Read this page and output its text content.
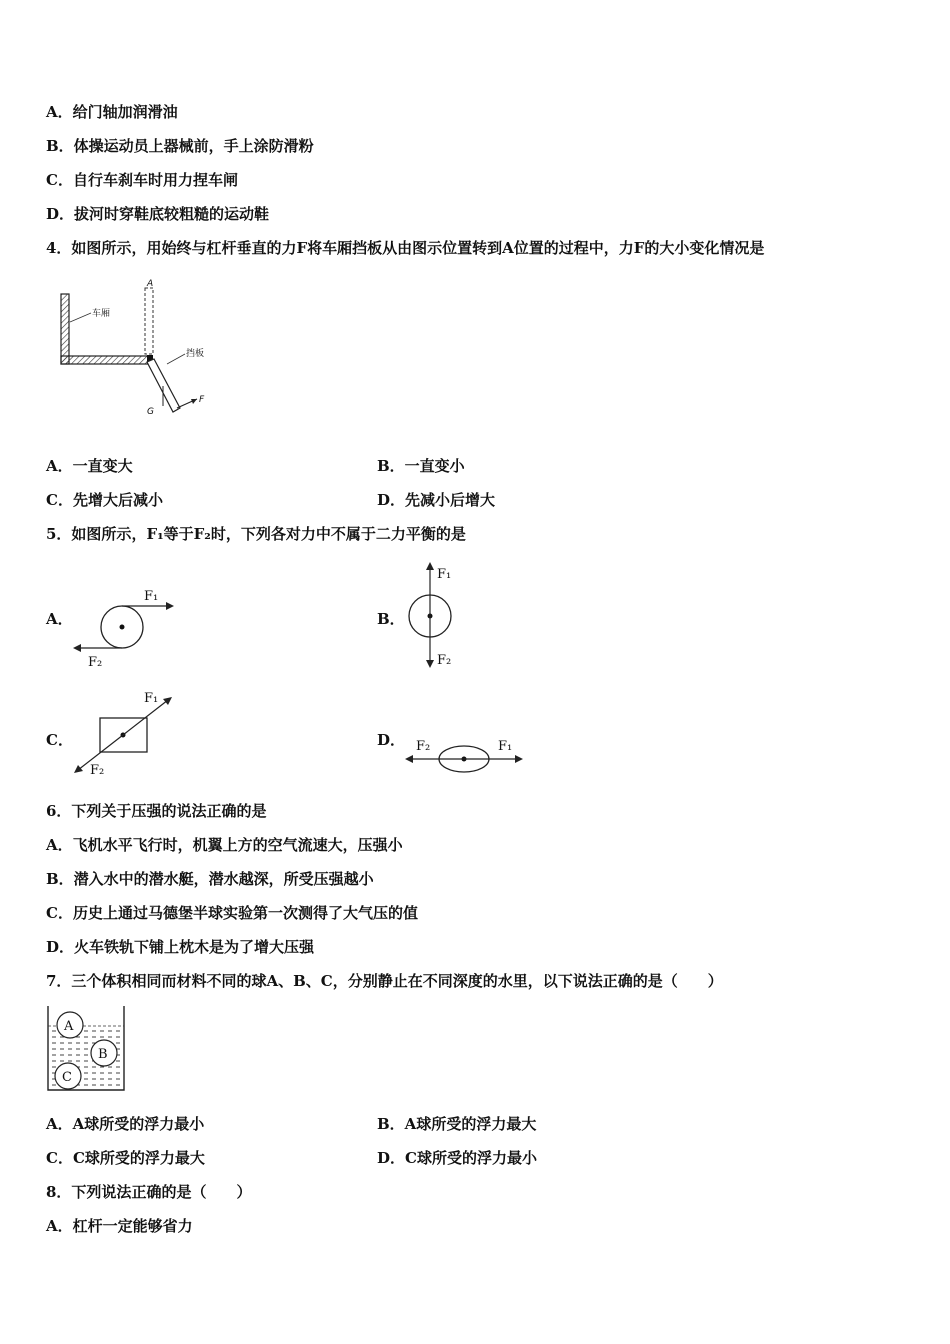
A．给门轴加润滑油
B．体操运动员上器械前，手上涂防滑粉
C．自行车刹车时用力捏车闸
D．拔河时穿鞋底较粗糙的运动鞋
4．如图所示，用始终与杠杆垂直的力F将车厢挡板从由图示位置转到A位置的过程中，力F的大小变化情况是
A
G
F
车厢
挡板
A．一直变大	B．一直变小
C．先增大后减小	D．先减小后增大
5．如图所示，F₁等于F₂时，下列各对力中不属于二力平衡的是
A．
F₁
F₂
B．
F₁
F₂
C．
F₁
F₂
D． F₂	F₁
6．下列关于压强的说法正确的是
A．飞机水平飞行时，机翼上方的空气流速大，压强小
B．潜入水中的潜水艇，潜水越深，所受压强越小
C．历史上通过马德堡半球实验第一次测得了大气压的值
D．火车铁轨下铺上枕木是为了增大压强
7．三个体积相同而材料不同的球A、B、C，分别静止在不同深度的水里，以下说法正确的是（　　）
A
B
C
A．A球所受的浮力最小	B．A球所受的浮力最大
C．C球所受的浮力最大	D．C球所受的浮力最小
8．下列说法正确的是（　　）
A．杠杆一定能够省力
